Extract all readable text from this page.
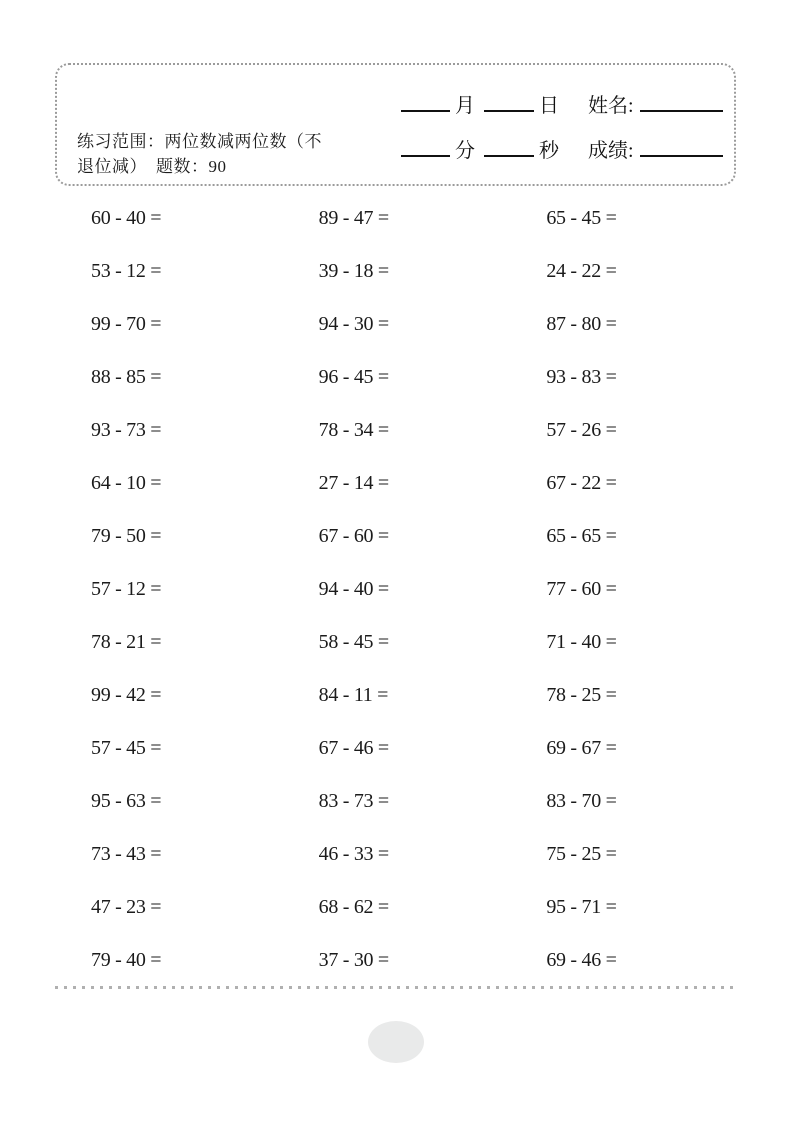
练习范围：两位数减两位数（不
退位减）　题数：90
月	日 姓名:
分	秒 成绩:
60 - 40 =	89 - 47 =	65 - 45 =
53 - 12 =	39 - 18 =	24 - 22 =
99 - 70 =	94 - 30 =	87 - 80 =
88 - 85 =	96 - 45 =	93 - 83 =
93 - 73 =	78 - 34 =	57 - 26 =
64 - 10 =	27 - 14 =	67 - 22 =
79 - 50 =	67 - 60 =	65 - 65 =
57 - 12 =	94 - 40 =	77 - 60 =
78 - 21 =	58 - 45 =	71 - 40 =
99 - 42 =	84 - 11 =	78 - 25 =
57 - 45 =	67 - 46 =	69 - 67 =
95 - 63 =	83 - 73 =	83 - 70 =
73 - 43 =	46 - 33 =	75 - 25 =
47 - 23 =	68 - 62 =	95 - 71 =
79 - 40 =	37 - 30 =	69 - 46 =
